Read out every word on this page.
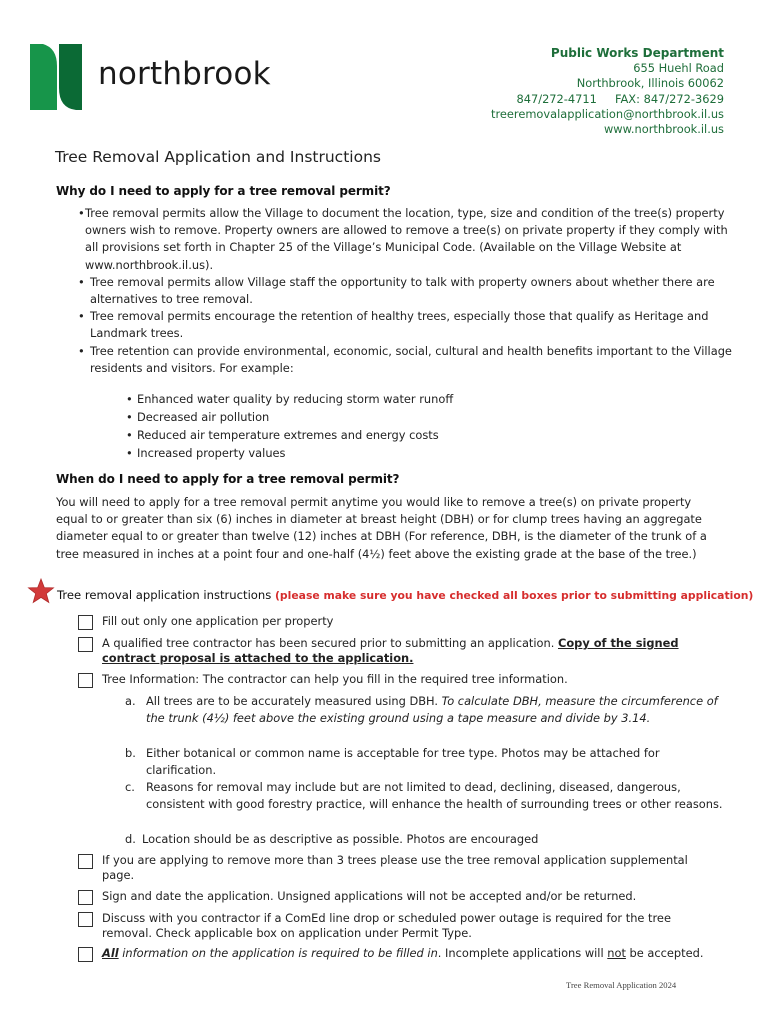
northbrook
Public Works Department
655 Huehl Road
Northbrook, Illinois 60062
847/272-4711     FAX: 847/272-3629
treeremovalapplication@northbrook.il.us
www.northbrook.il.us
Tree Removal Application and Instructions
Why do I need to apply for a tree removal permit?
• Tree removal permits allow the Village to document the location, type, size and condition of the tree(s) property owners wish to remove. Property owners are allowed to remove a tree(s) on private property if they comply with all provisions set forth in Chapter 25 of the Village’s Municipal Code. (Available on the Village Website at www.northbrook.il.us).
• Tree removal permits allow Village staff the opportunity to talk with property owners about whether there are alternatives to tree removal.
• Tree removal permits encourage the retention of healthy trees, especially those that qualify as Heritage and Landmark trees.
• Tree retention can provide environmental, economic, social, cultural and health benefits important to the Village residents and visitors. For example:
• Enhanced water quality by reducing storm water runoff
• Decreased air pollution
• Reduced air temperature extremes and energy costs
• Increased property values
When do I need to apply for a tree removal permit?
You will need to apply for a tree removal permit anytime you would like to remove a tree(s) on private property equal to or greater than six (6) inches in diameter at breast height (DBH) or for clump trees having an aggregate diameter equal to or greater than twelve (12) inches at DBH (For reference, DBH, is the diameter of the trunk of a tree measured in inches at a point four and one-half (4½) feet above the existing grade at the base of the tree.)
Tree removal application instructions (please make sure you have checked all boxes prior to submitting application)
Fill out only one application per property
A qualified tree contractor has been secured prior to submitting an application. Copy of the signed contract proposal is attached to the application.
Tree Information: The contractor can help you fill in the required tree information.
a. All trees are to be accurately measured using DBH. To calculate DBH, measure the circumference of the trunk (4½) feet above the existing ground using a tape measure and divide by 3.14.
b. Either botanical or common name is acceptable for tree type. Photos may be attached for clarification.
c. Reasons for removal may include but are not limited to dead, declining, diseased, dangerous, consistent with good forestry practice, will enhance the health of surrounding trees or other reasons.
d. Location should be as descriptive as possible. Photos are encouraged
If you are applying to remove more than 3 trees please use the tree removal application supplemental page.
Sign and date the application. Unsigned applications will not be accepted and/or be returned.
Discuss with you contractor if a ComEd line drop or scheduled power outage is required for the tree removal. Check applicable box on application under Permit Type.
All information on the application is required to be filled in. Incomplete applications will not be accepted.
Tree Removal Application 2024
